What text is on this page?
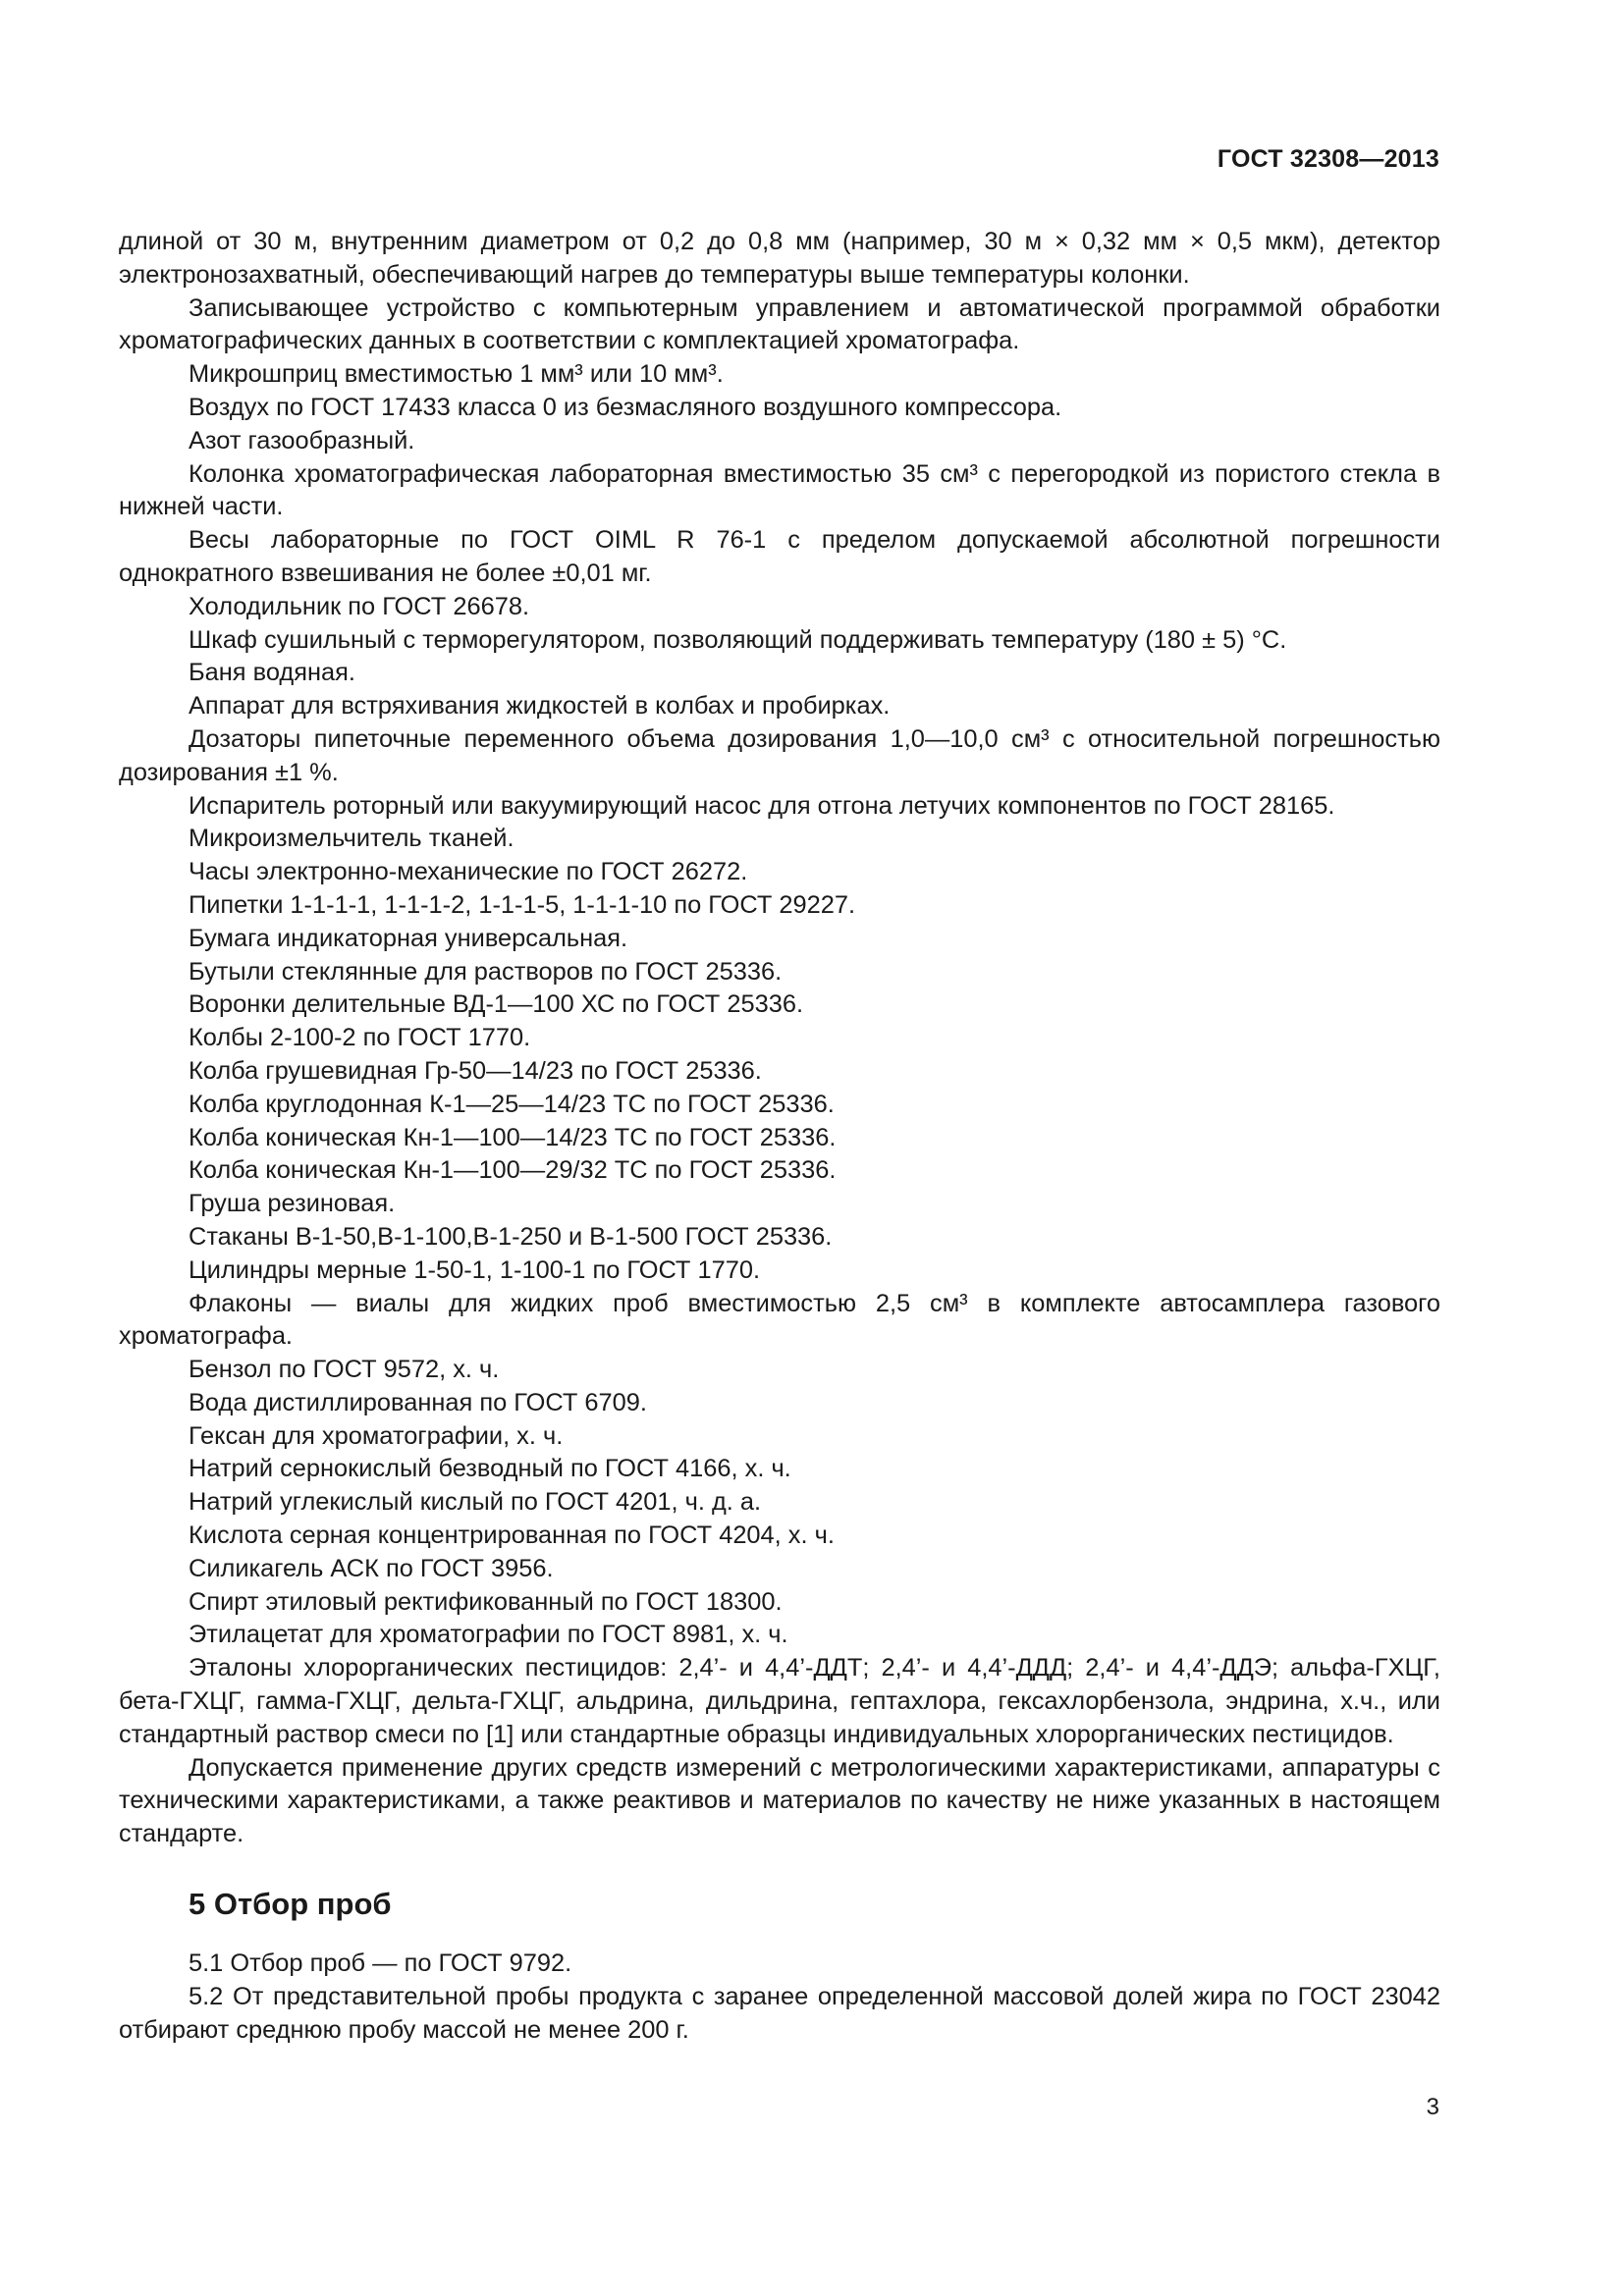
ГОСТ 32308—2013

длиной от 30 м, внутренним диаметром от 0,2 до 0,8 мм (например, 30 м × 0,32 мм × 0,5 мкм), детектор электронозахватный, обеспечивающий нагрев до температуры выше температуры колонки.

Записывающее устройство с компьютерным управлением и автоматической программой обработки хроматографических данных в соответствии с комплектацией хроматографа.

Микрошприц вместимостью 1 мм³ или 10 мм³.

Воздух по ГОСТ 17433 класса 0 из безмасляного воздушного компрессора.

Азот газообразный.

Колонка хроматографическая лабораторная вместимостью 35 см³ с перегородкой из пористого стекла в нижней части.

Весы лабораторные по ГОСТ OIML R 76-1 с пределом допускаемой абсолютной погрешности однократного взвешивания не более ±0,01 мг.

Холодильник по ГОСТ 26678.

Шкаф сушильный с терморегулятором, позволяющий поддерживать температуру (180 ± 5) °С.

Баня водяная.

Аппарат для встряхивания жидкостей в колбах и пробирках.

Дозаторы пипеточные переменного объема дозирования 1,0—10,0 см³ с относительной погрешностью дозирования ±1 %.

Испаритель роторный или вакуумирующий насос для отгона летучих компонентов по ГОСТ 28165.

Микроизмельчитель тканей.

Часы электронно-механические по ГОСТ 26272.

Пипетки 1-1-1-1, 1-1-1-2, 1-1-1-5, 1-1-1-10 по ГОСТ 29227.

Бумага индикаторная универсальная.

Бутыли стеклянные для растворов по ГОСТ 25336.

Воронки делительные ВД-1—100 ХС по ГОСТ 25336.

Колбы 2-100-2 по ГОСТ 1770.

Колба грушевидная Гр-50—14/23 по ГОСТ 25336.

Колба круглодонная К-1—25—14/23 ТС по ГОСТ 25336.

Колба коническая Кн-1—100—14/23 ТС по ГОСТ 25336.

Колба коническая Кн-1—100—29/32 ТС по ГОСТ 25336.

Груша резиновая.

Стаканы В-1-50,В-1-100,В-1-250 и В-1-500 ГОСТ 25336.

Цилиндры мерные 1-50-1, 1-100-1 по ГОСТ 1770.

Флаконы — виалы для жидких проб вместимостью 2,5 см³ в комплекте автосамплера газового хроматографа.

Бензол по ГОСТ 9572, х. ч.

Вода дистиллированная по ГОСТ 6709.

Гексан для хроматографии, х. ч.

Натрий сернокислый безводный по ГОСТ 4166, х. ч.

Натрий углекислый кислый по ГОСТ 4201, ч. д. а.

Кислота серная концентрированная по ГОСТ 4204, х. ч.

Силикагель АСК по ГОСТ 3956.

Спирт этиловый ректификованный по ГОСТ 18300.

Этилацетат для хроматографии по ГОСТ 8981, х. ч.

Эталоны хлорорганических пестицидов: 2,4’- и 4,4’-ДДТ; 2,4’- и 4,4’-ДДД; 2,4’- и 4,4’-ДДЭ; альфа-ГХЦГ, бета-ГХЦГ, гамма-ГХЦГ, дельта-ГХЦГ, альдрина, дильдрина, гептахлора, гексахлорбензола, эндрина, х.ч., или стандартный раствор смеси по [1] или стандартные образцы индивидуальных хлорорганических пестицидов.

Допускается применение других средств измерений с метрологическими характеристиками, аппаратуры с техническими характеристиками, а также реактивов и материалов по качеству не ниже указанных в настоящем стандарте.

5 Отбор проб

5.1 Отбор проб — по ГОСТ 9792.

5.2 От представительной пробы продукта с заранее определенной массовой долей жира по ГОСТ 23042 отбирают среднюю пробу массой не менее 200 г.

3
